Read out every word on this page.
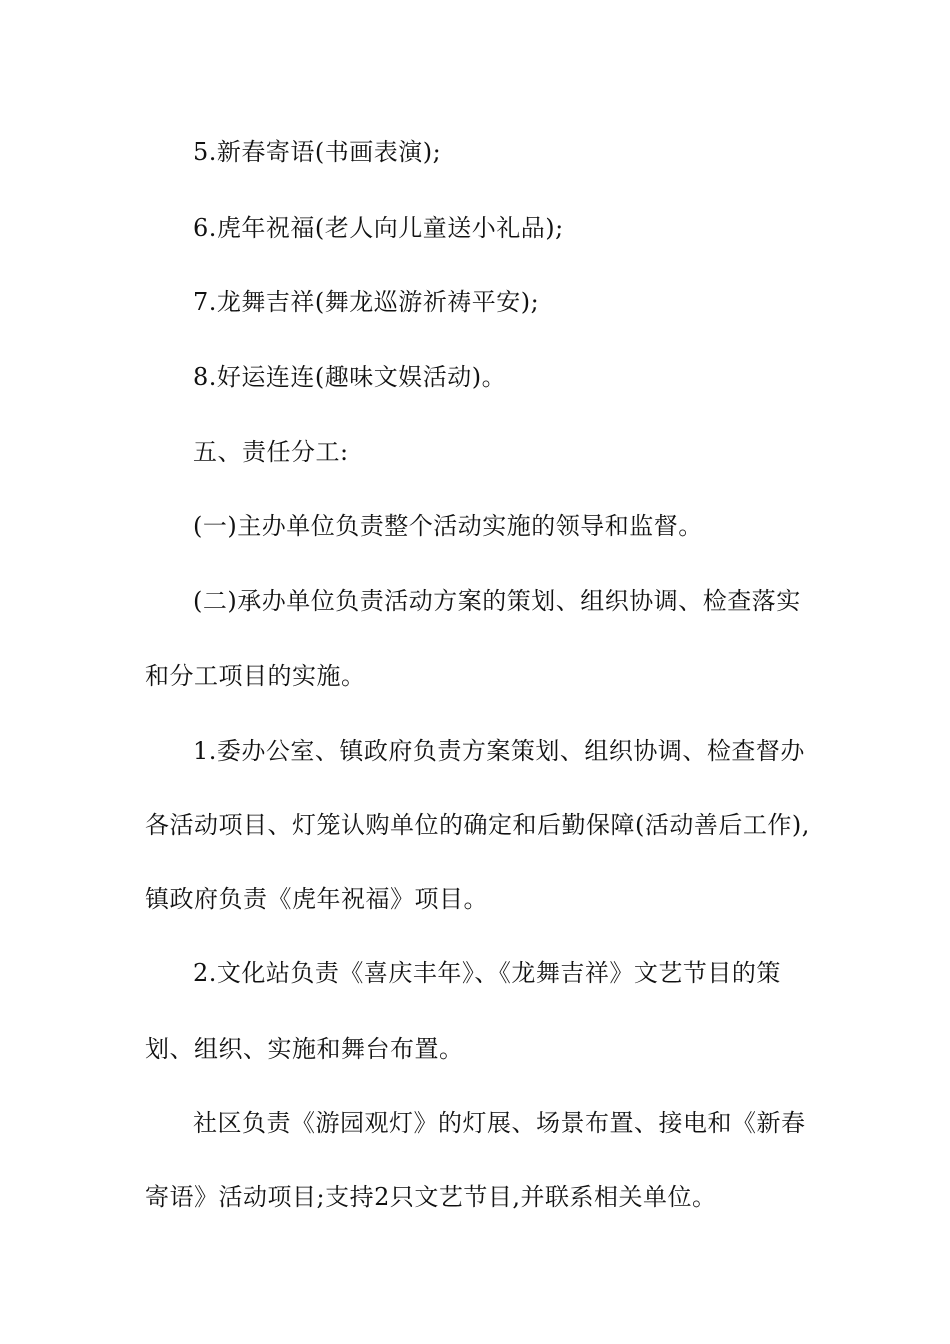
5.新春寄语(书画表演);
6.虎年祝福(老人向儿童送小礼品);
7.龙舞吉祥(舞龙巡游祈祷平安);
8.好运连连(趣味文娱活动)。
五、责任分工:
(一)主办单位负责整个活动实施的领导和监督。
(二)承办单位负责活动方案的策划、组织协调、检查落实
和分工项目的实施。
1.委办公室、镇政府负责方案策划、组织协调、检查督办
各活动项目、灯笼认购单位的确定和后勤保障(活动善后工作),
镇政府负责《虎年祝福》项目。
2.文化站负责《喜庆丰年》、《龙舞吉祥》文艺节目的策
划、组织、实施和舞台布置。
社区负责《游园观灯》的灯展、场景布置、接电和《新春
寄语》活动项目;支持2只文艺节目,并联系相关单位。
